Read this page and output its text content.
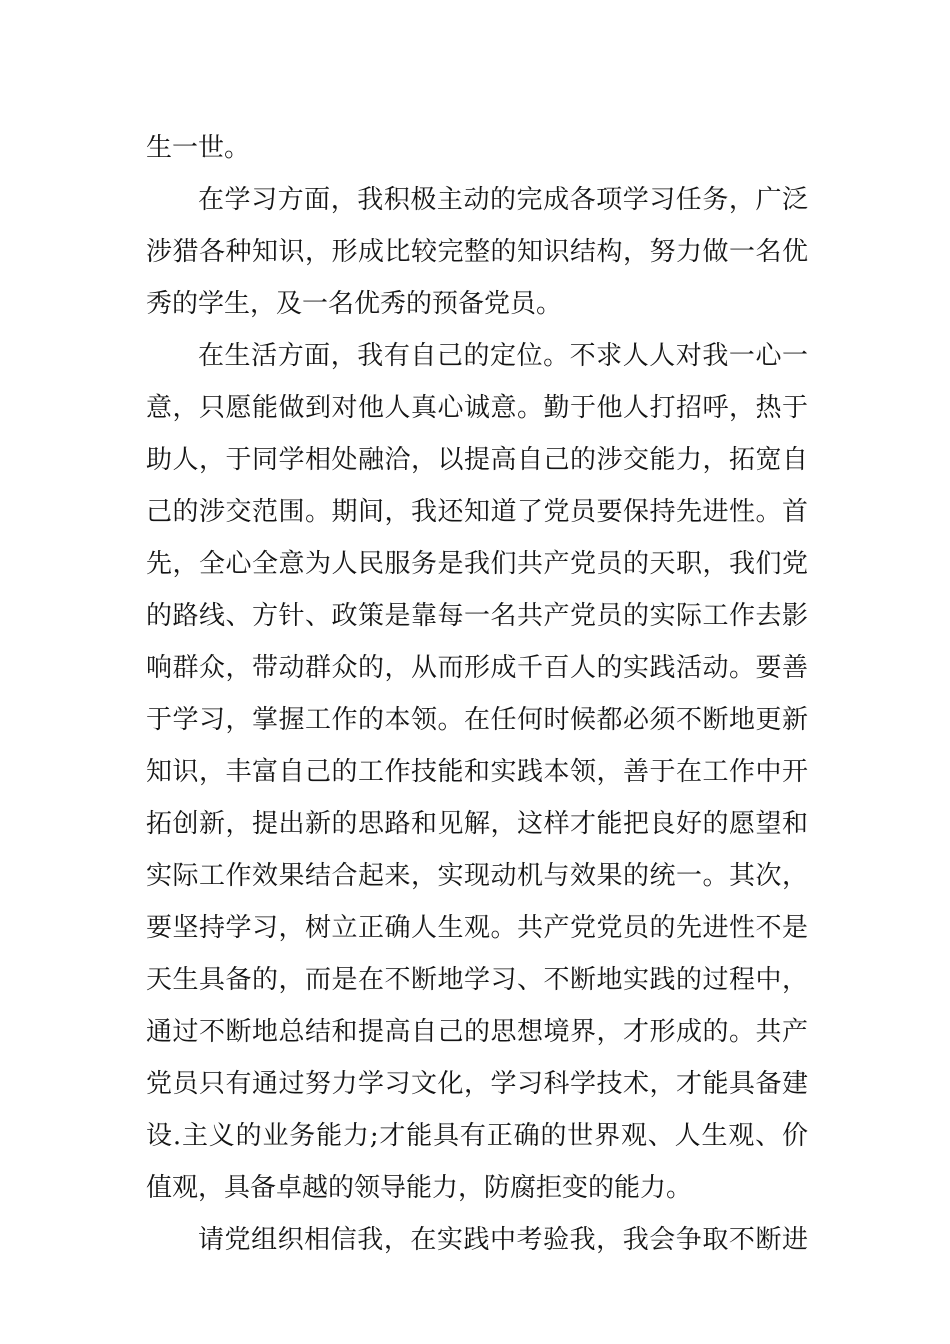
生一世。
在学习方面，我积极主动的完成各项学习任务，广泛
涉猎各种知识，形成比较完整的知识结构，努力做一名优
秀的学生，及一名优秀的预备党员。
在生活方面，我有自己的定位。不求人人对我一心一
意，只愿能做到对他人真心诚意。勤于他人打招呼，热于
助人，于同学相处融洽，以提高自己的涉交能力，拓宽自
己的涉交范围。期间，我还知道了党员要保持先进性。首
先，全心全意为人民服务是我们共产党员的天职，我们党
的路线、方针、政策是靠每一名共产党员的实际工作去影
响群众，带动群众的，从而形成千百人的实践活动。要善
于学习，掌握工作的本领。在任何时候都必须不断地更新
知识，丰富自己的工作技能和实践本领，善于在工作中开
拓创新，提出新的思路和见解，这样才能把良好的愿望和
实际工作效果结合起来，实现动机与效果的统一。其次，
要坚持学习，树立正确人生观。共产党党员的先进性不是
天生具备的，而是在不断地学习、不断地实践的过程中，
通过不断地总结和提高自己的思想境界，才形成的。共产
党员只有通过努力学习文化，学习科学技术，才能具备建
设.主义的业务能力;才能具有正确的世界观、人生观、价
值观，具备卓越的领导能力，防腐拒变的能力。
请党组织相信我，在实践中考验我，我会争取不断进
